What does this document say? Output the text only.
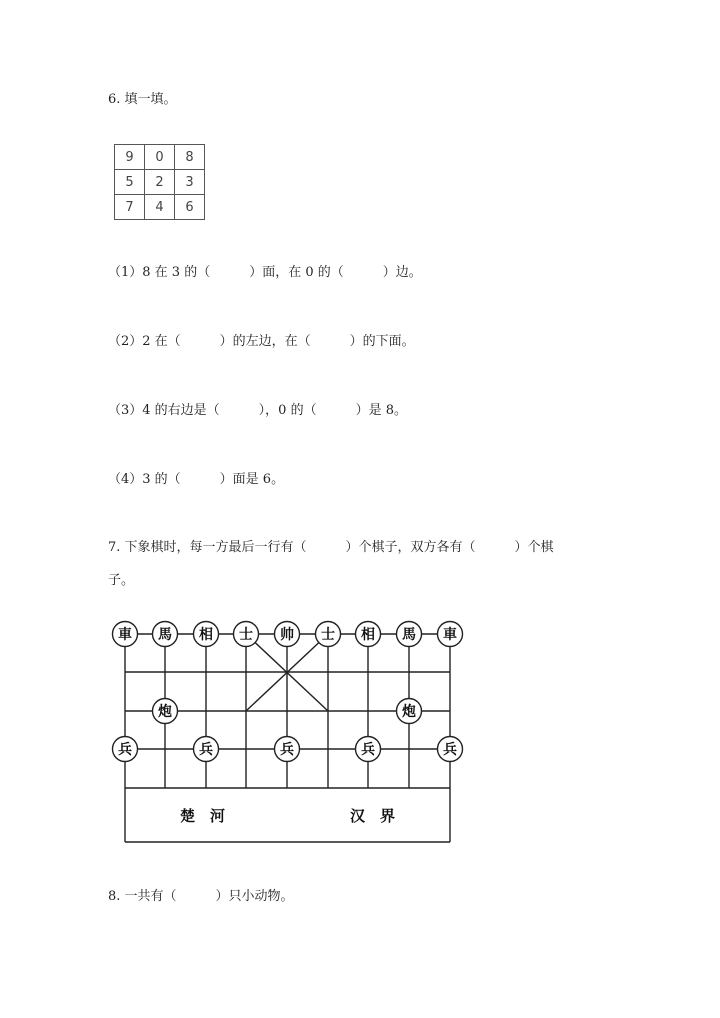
6. 填一填。
9	0	8
5	2	3
7	4	6
（1）8 在 3 的（　　　）面，在 0 的（　　　）边。
（2）2 在（　　　）的左边，在（　　　）的下面。
（3）4 的右边是（　　　），0 的（　　　）是 8。
（4）3 的（　　　）面是 6。
7. 下象棋时，每一方最后一行有（　　　）个棋子，双方各有（　　　）个棋
子。
楚　河	汉　界
車 馬 相 士 帅 士 相 馬 車
炮	炮
兵	兵	兵	兵	兵
8. 一共有（　　　）只小动物。
